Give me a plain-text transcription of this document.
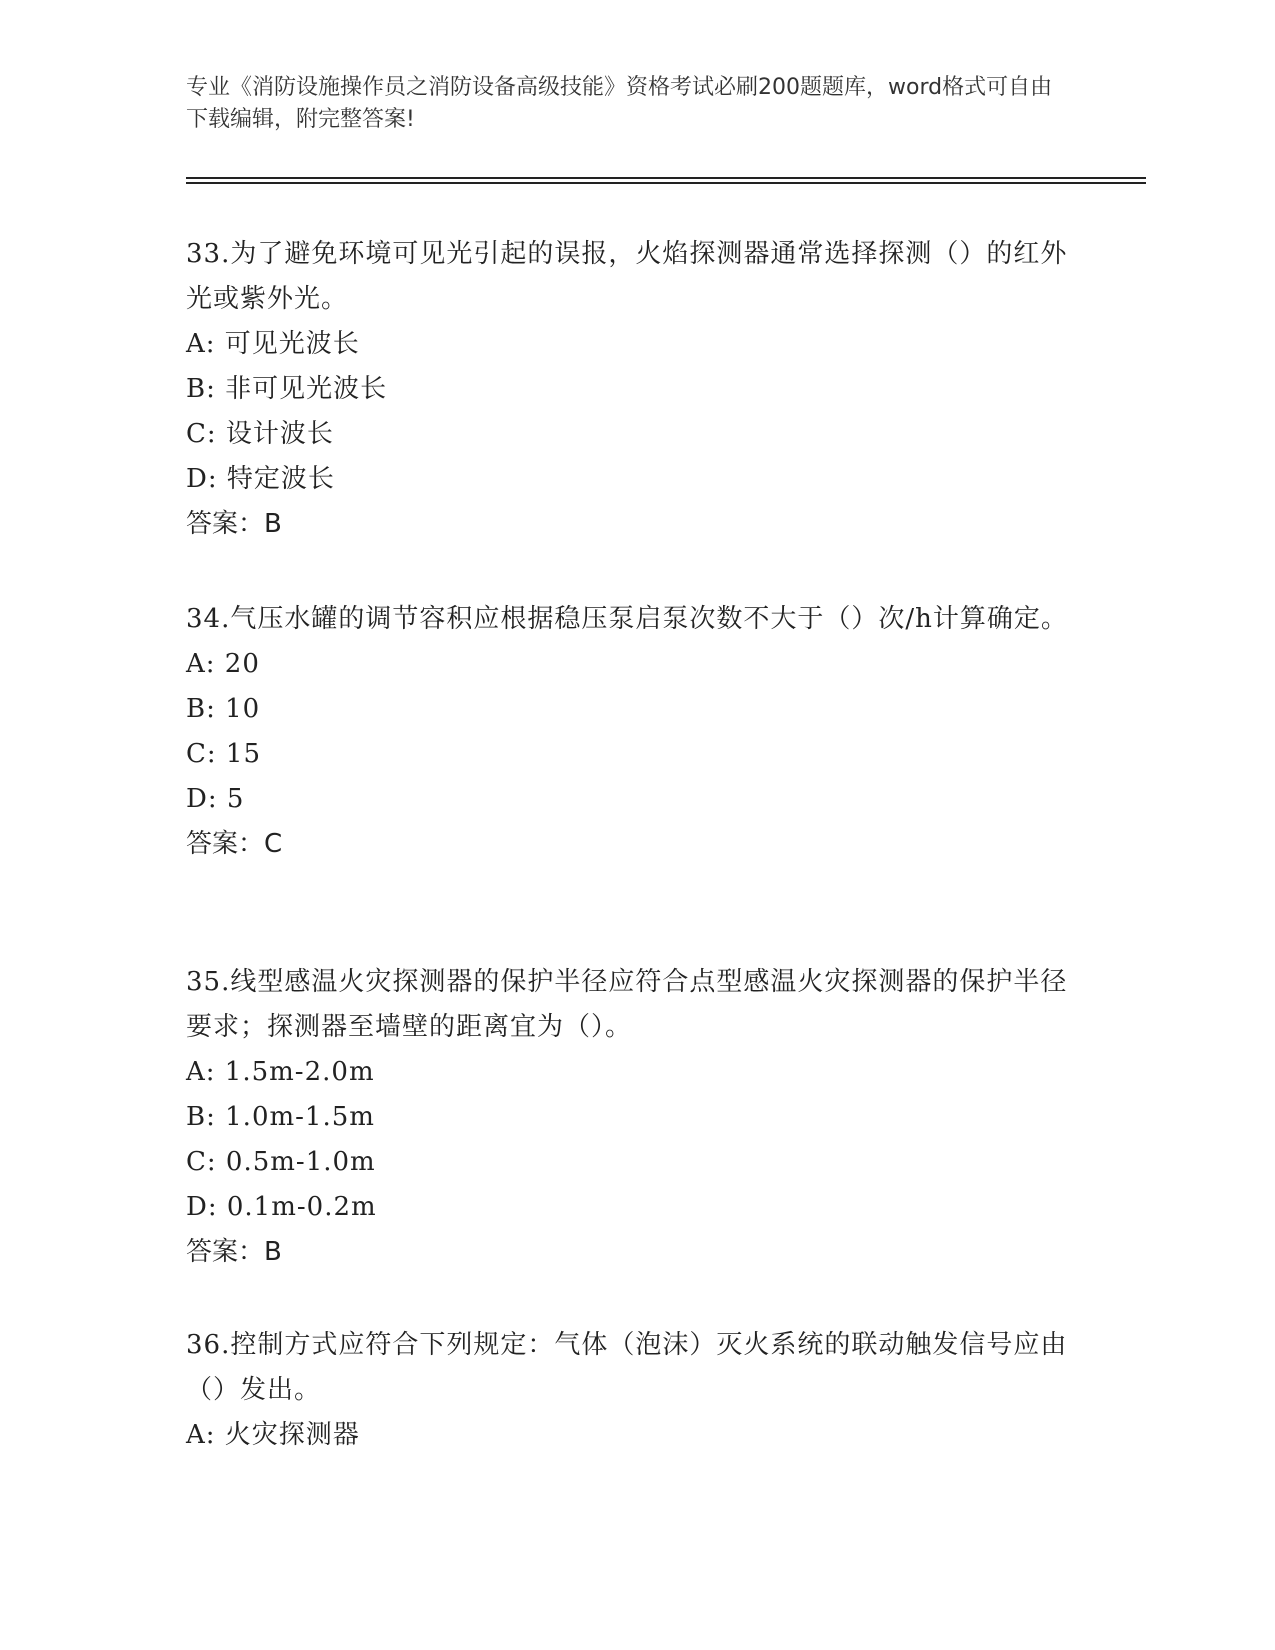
专业《消防设施操作员之消防设备高级技能》资格考试必刷200题题库，word格式可自由下载编辑，附完整答案!

33.为了避免环境可见光引起的误报，火焰探测器通常选择探测（）的红外光或紫外光。

A: 可见光波长

B: 非可见光波长

C: 设计波长

D: 特定波长

答案：B

34.气压水罐的调节容积应根据稳压泵启泵次数不大于（）次/h计算确定。

A: 20

B: 10

C: 15

D: 5

答案：C

35.线型感温火灾探测器的保护半径应符合点型感温火灾探测器的保护半径要求；探测器至墙壁的距离宜为（）。

A: 1.5m-2.0m

B: 1.0m-1.5m

C: 0.5m-1.0m

D: 0.1m-0.2m

答案：B

36.控制方式应符合下列规定：气体（泡沫）灭火系统的联动触发信号应由（）发出。

A: 火灾探测器
